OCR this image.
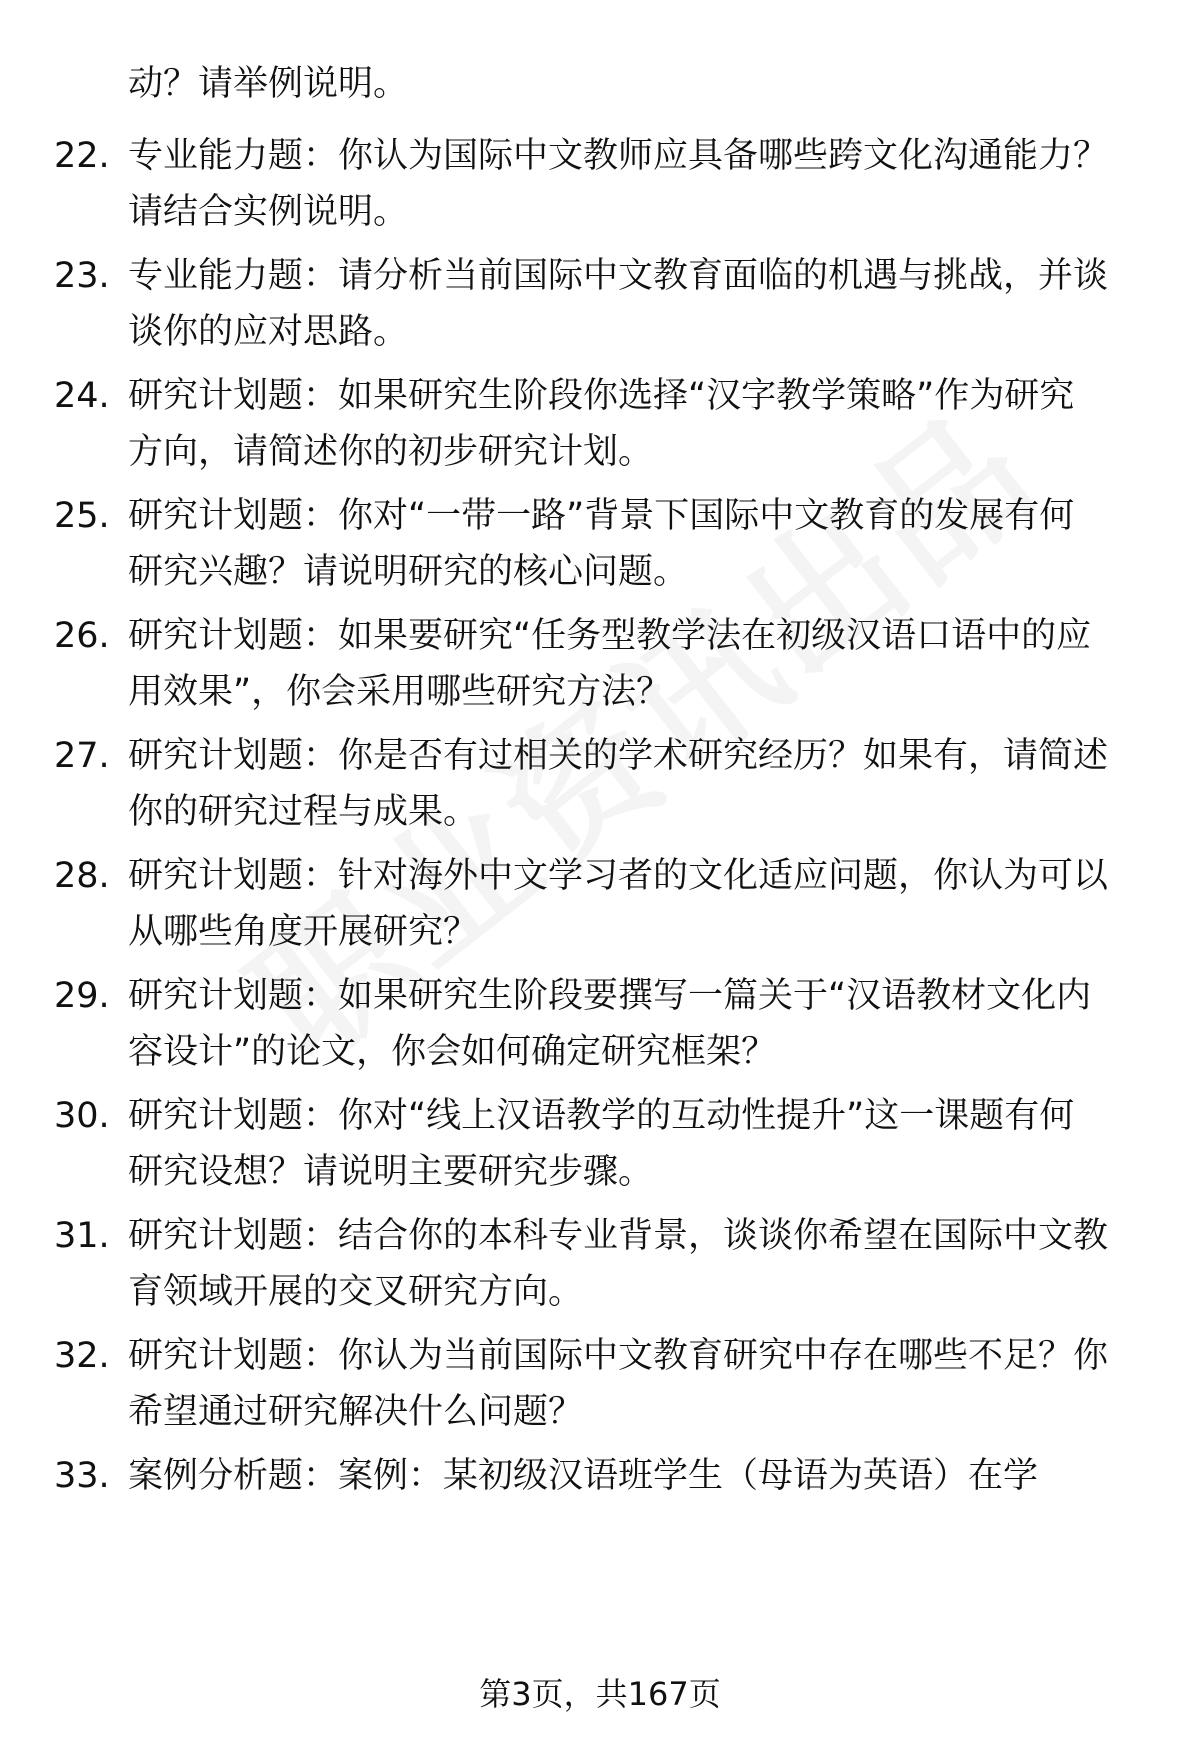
动？请举例说明。
22. 专业能力题：你认为国际中文教师应具备哪些跨文化沟通能力？
请结合实例说明。
23. 专业能力题：请分析当前国际中文教育面临的机遇与挑战，并谈
谈你的应对思路。
24. 研究计划题：如果研究生阶段你选择“汉字教学策略”作为研究
方向，请简述你的初步研究计划。
25. 研究计划题：你对“一带一路”背景下国际中文教育的发展有何
研究兴趣？请说明研究的核心问题。
26. 研究计划题：如果要研究“任务型教学法在初级汉语口语中的应
用效果”，你会采用哪些研究方法？
27. 研究计划题：你是否有过相关的学术研究经历？如果有，请简述
你的研究过程与成果。
28. 研究计划题：针对海外中文学习者的文化适应问题，你认为可以
从哪些角度开展研究？
29. 研究计划题：如果研究生阶段要撰写一篇关于“汉语教材文化内
容设计”的论文，你会如何确定研究框架？
30. 研究计划题：你对“线上汉语教学的互动性提升”这一课题有何
研究设想？请说明主要研究步骤。
31. 研究计划题：结合你的本科专业背景，谈谈你希望在国际中文教
育领域开展的交叉研究方向。
32. 研究计划题：你认为当前国际中文教育研究中存在哪些不足？你
希望通过研究解决什么问题？
33. 案例分析题：案例：某初级汉语班学生（母语为英语）在学
第3页，共167页
